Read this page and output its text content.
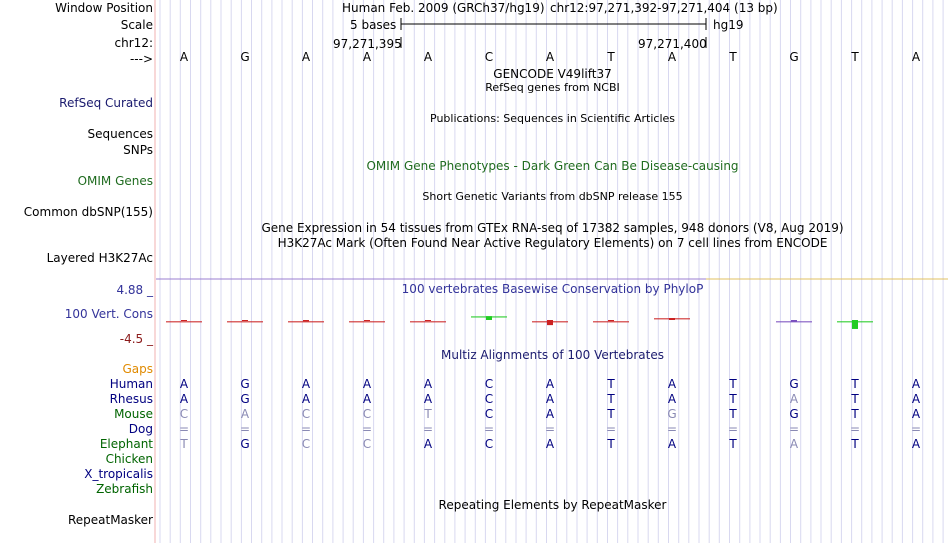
Window Position
Scale
chr12:
--->
Human Feb. 2009 (GRCh37/hg19) chr12:97,271,392-97,271,404 (13 bp)
5 bases	hg19
97,271,395	97,271,400
A	G	A	A	A	C	A	T	A	T	G	T	A
GENCODE V49lift37
RefSeq genes from NCBI
RefSeq Curated
Publications: Sequences in Scientific Articles
Sequences
SNPs
OMIM Gene Phenotypes - Dark Green Can Be Disease-causing
OMIM Genes
Short Genetic Variants from dbSNP release 155
Common dbSNP(155)
Gene Expression in 54 tissues from GTEx RNA-seq of 17382 samples, 948 donors (V8, Aug 2019)
H3K27Ac Mark (Often Found Near Active Regulatory Elements) on 7 cell lines from ENCODE
Layered H3K27Ac
100 vertebrates Basewise Conservation by PhyloP
4.88 _
100 Vert. Cons
-4.5 _
Multiz Alignments of 100 Vertebrates
Gaps
Human A	G	A	A	A	C	A	T	A	T	G	T	A
Rhesus A	G	A	A	A	C	A	T	A	T	A	T	A
Mouse C	A	C	C	T	C	A	T	G	T	G	T	A
Dog =	=	=	=	=	=	=	=	=	=	=	=	=
Elephant T	G	C	C	A	C	A	T	A	T	A	T	A
Chicken
X_tropicalis
Zebrafish
Repeating Elements by RepeatMasker
RepeatMasker
